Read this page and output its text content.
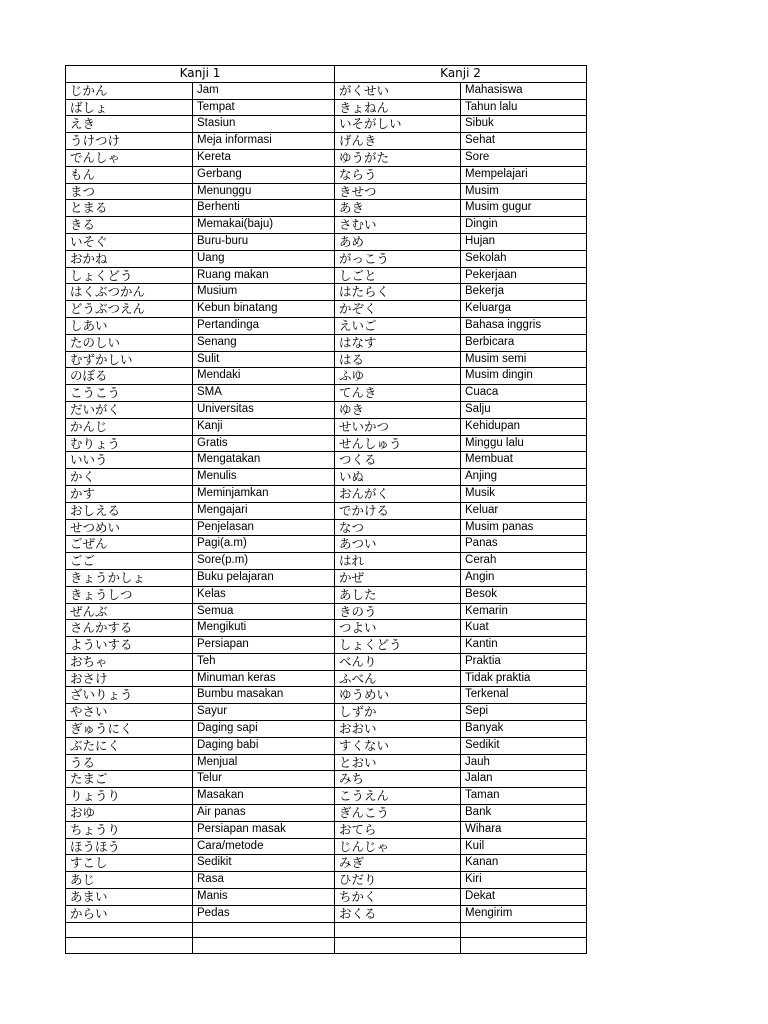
Kanji 1		Kanji 2	
じかん	Jam	がくせい	Mahasiswa
ばしょ	Tempat	きょねん	Tahun lalu
えき	Stasiun	いそがしい	Sibuk
うけつけ	Meja informasi	げんき	Sehat
でんしゃ	Kereta	ゆうがた	Sore
もん	Gerbang	ならう	Mempelajari
まつ	Menunggu	きせつ	Musim
とまる	Berhenti	あき	Musim gugur
きる	Memakai(baju)	さむい	Dingin
いそぐ	Buru-buru	あめ	Hujan
おかね	Uang	がっこう	Sekolah
しょくどう	Ruang makan	しごと	Pekerjaan
はくぶつかん	Musium	はたらく	Bekerja
どうぶつえん	Kebun binatang	かぞく	Keluarga
しあい	Pertandinga	えいご	Bahasa inggris
たのしい	Senang	はなす	Berbicara
むずかしい	Sulit	はる	Musim semi
のぼる	Mendaki	ふゆ	Musim dingin
こうこう	SMA	てんき	Cuaca
だいがく	Universitas	ゆき	Salju
かんじ	Kanji	せいかつ	Kehidupan
むりょう	Gratis	せんしゅう	Minggu lalu
いいう	Mengatakan	つくる	Membuat
かく	Menulis	いぬ	Anjing
かす	Meminjamkan	おんがく	Musik
おしえる	Mengajari	でかける	Keluar
せつめい	Penjelasan	なつ	Musim panas
ごぜん	Pagi(a.m)	あつい	Panas
ごご	Sore(p.m)	はれ	Cerah
きょうかしょ	Buku pelajaran	かぜ	Angin
きょうしつ	Kelas	あした	Besok
ぜんぶ	Semua	きのう	Kemarin
さんかする	Mengikuti	つよい	Kuat
よういする	Persiapan	しょくどう	Kantin
おちゃ	Teh	べんり	Praktia
おさけ	Minuman keras	ふべん	Tidak praktia
ざいりょう	Bumbu masakan	ゆうめい	Terkenal
やさい	Sayur	しずか	Sepi
ぎゅうにく	Daging sapi	おおい	Banyak
ぶたにく	Daging babi	すくない	Sedikit
うる	Menjual	とおい	Jauh
たまご	Telur	みち	Jalan
りょうり	Masakan	こうえん	Taman
おゆ	Air panas	ぎんこう	Bank
ちょうり	Persiapan masak	おてら	Wihara
ほうほう	Cara/metode	じんじゃ	Kuil
すこし	Sedikit	みぎ	Kanan
あじ	Rasa	ひだり	Kiri
あまい	Manis	ちかく	Dekat
からい	Pedas	おくる	Mengirim
